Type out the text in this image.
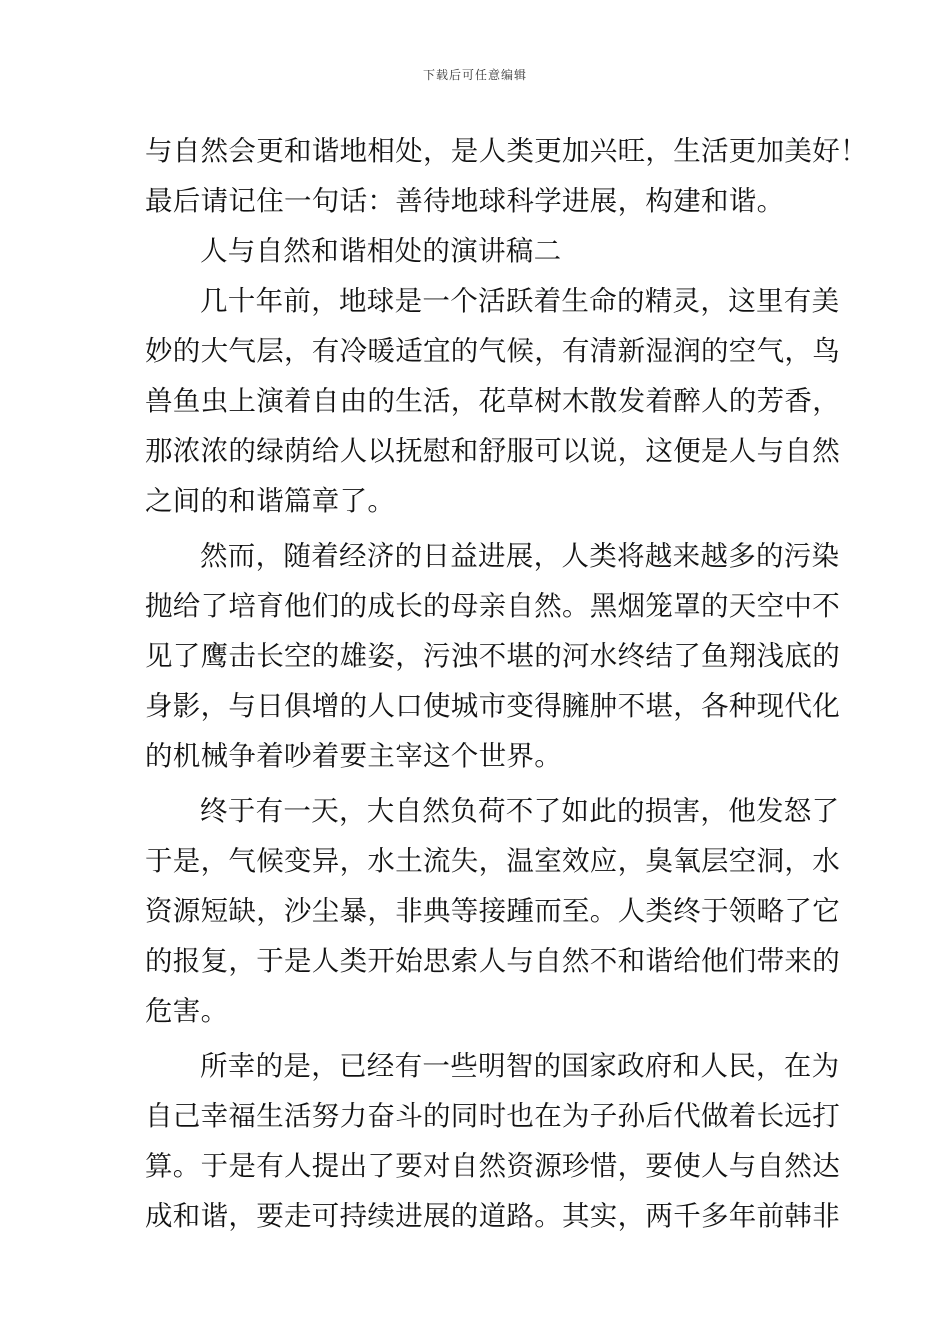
下载后可任意编辑
与自然会更和谐地相处，是人类更加兴旺，生活更加美好！
最后请记住一句话：善待地球科学进展，构建和谐。
人与自然和谐相处的演讲稿二
几十年前，地球是一个活跃着生命的精灵，这里有美
妙的大气层，有冷暖适宜的气候，有清新湿润的空气，鸟
兽鱼虫上演着自由的生活，花草树木散发着醉人的芳香，
那浓浓的绿荫给人以抚慰和舒服可以说，这便是人与自然
之间的和谐篇章了。
然而，随着经济的日益进展，人类将越来越多的污染
抛给了培育他们的成长的母亲自然。黑烟笼罩的天空中不
见了鹰击长空的雄姿，污浊不堪的河水终结了鱼翔浅底的
身影，与日俱增的人口使城市变得臃肿不堪，各种现代化
的机械争着吵着要主宰这个世界。
终于有一天，大自然负荷不了如此的损害，他发怒了
于是，气候变异，水土流失，温室效应，臭氧层空洞，水
资源短缺，沙尘暴，非典等接踵而至。人类终于领略了它
的报复，于是人类开始思索人与自然不和谐给他们带来的
危害。
所幸的是，已经有一些明智的国家政府和人民，在为
自己幸福生活努力奋斗的同时也在为子孙后代做着长远打
算。于是有人提出了要对自然资源珍惜，要使人与自然达
成和谐，要走可持续进展的道路。其实，两千多年前韩非
